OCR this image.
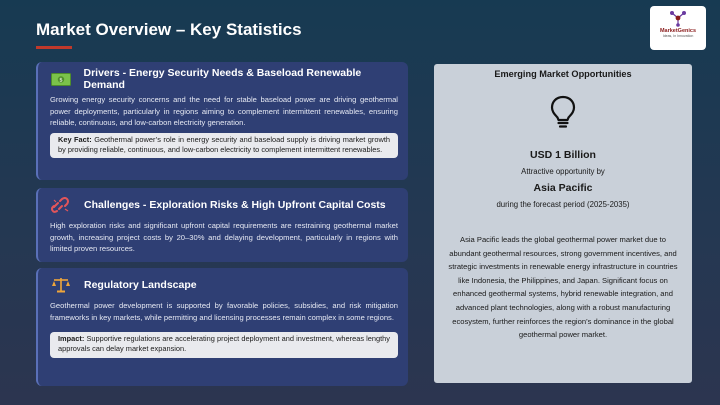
Market Overview – Key Statistics	MarketGenics
Ideas, In Innovation
$
Drivers - Energy Security Needs & Baseload Renewable Demand
Growing energy security concerns and the need for stable baseload power are driving geothermal power deployments, particularly in regions aiming to complement intermittent renewables, ensuring reliable, continuous, and low-carbon electricity generation.
Key Fact: Geothermal power’s role in energy security and baseload supply is driving market growth by providing reliable, continuous, and low-carbon electricity to complement intermittent renewables.
Challenges - Exploration Risks & High Upfront Capital Costs
High exploration risks and significant upfront capital requirements are restraining geothermal market growth, increasing project costs by 20–30% and delaying development, particularly in regions with limited proven resources.
Regulatory Landscape
Geothermal power development is supported by favorable policies, subsidies, and risk mitigation frameworks in key markets, while permitting and licensing processes remain complex in some regions.
Impact: Supportive regulations are accelerating project deployment and investment, whereas lengthy approvals can delay market expansion.
Emerging Market Opportunities
USD 1 Billion
Attractive opportunity by
Asia Pacific
during the forecast period (2025-2035)
Asia Pacific leads the global geothermal power market due to abundant geothermal resources, strong government incentives, and strategic investments in renewable energy infrastructure in countries like Indonesia, the Philippines, and Japan. Significant focus on enhanced geothermal systems, hybrid renewable integration, and advanced plant technologies, along with a robust manufacturing ecosystem, further reinforces the region’s dominance in the global geothermal power market.
